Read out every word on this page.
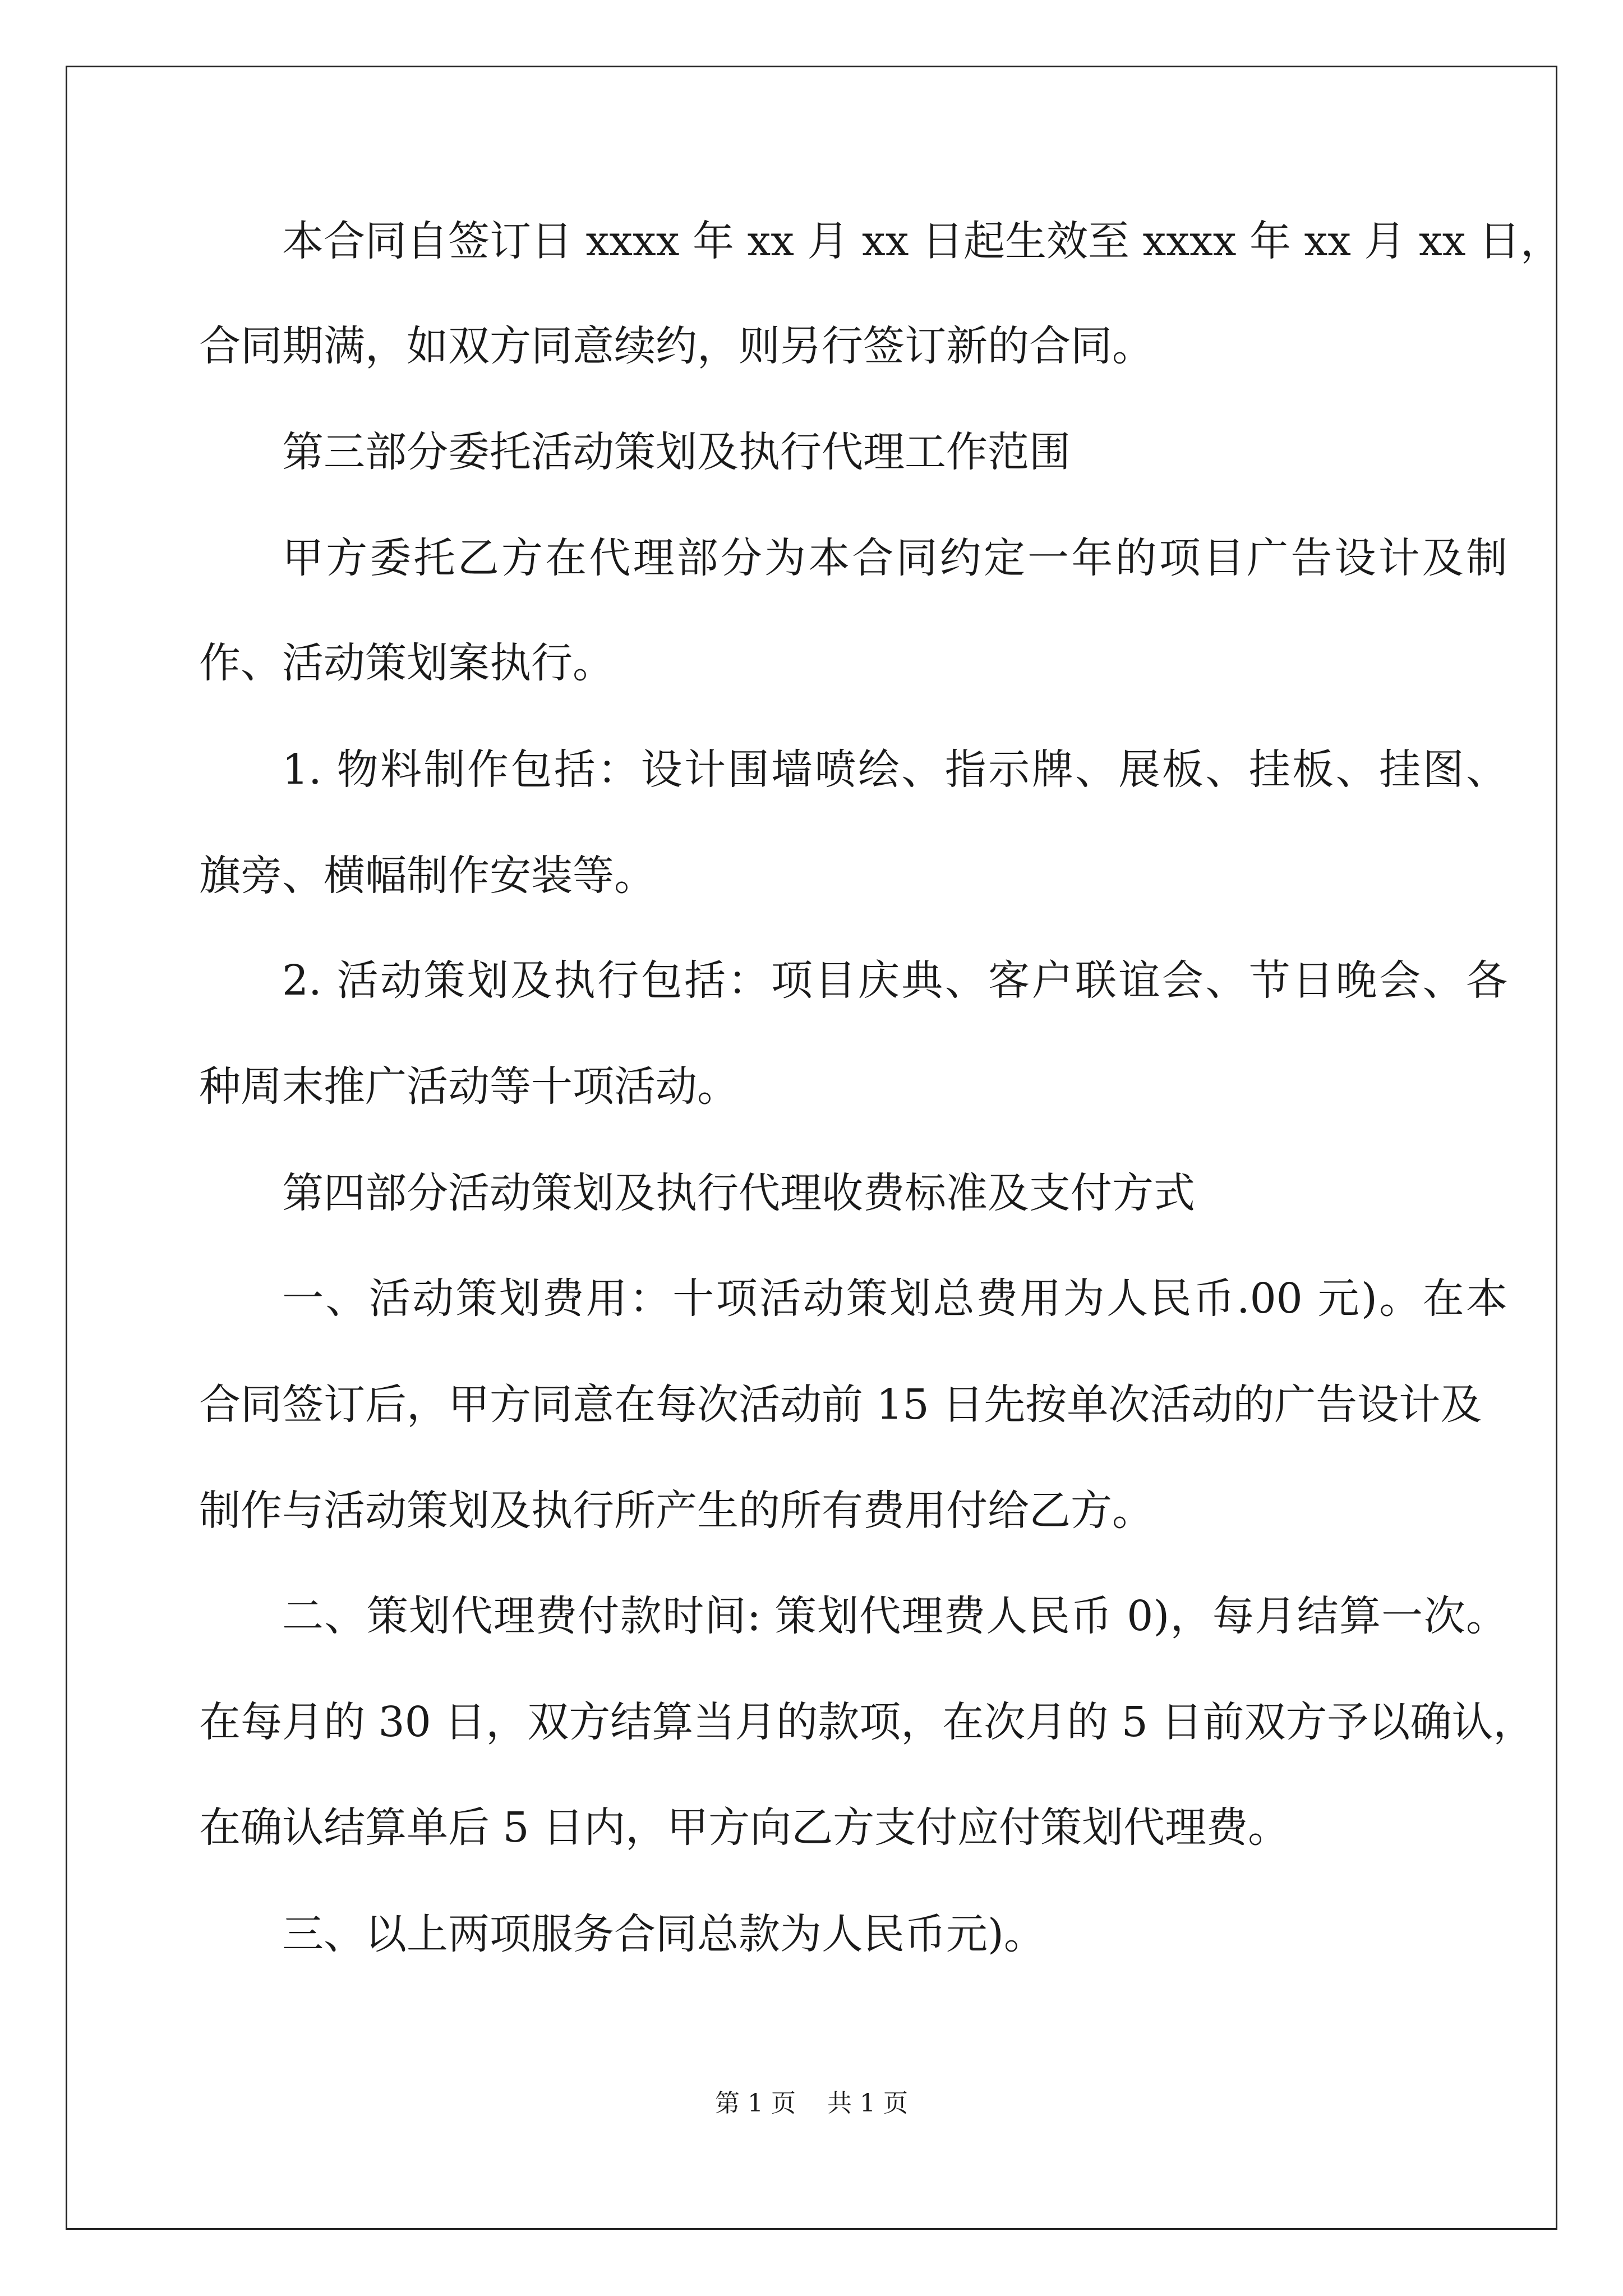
本合同自签订日 xxxx 年 xx 月 xx 日起生效至 xxxx 年 xx 月 xx 日，
合同期满，如双方同意续约，则另行签订新的合同。
第三部分委托活动策划及执行代理工作范围
甲方委托乙方在代理部分为本合同约定一年的项目广告设计及制
作、活动策划案执行。
1. 物料制作包括：设计围墙喷绘、指示牌、展板、挂板、挂图、
旗旁、横幅制作安装等。
2. 活动策划及执行包括：项目庆典、客户联谊会、节日晚会、各
种周末推广活动等十项活动。
第四部分活动策划及执行代理收费标准及支付方式
一、活动策划费用：十项活动策划总费用为人民币.00 元)。在本
合同签订后，甲方同意在每次活动前 15 日先按单次活动的广告设计及
制作与活动策划及执行所产生的所有费用付给乙方。
二、策划代理费付款时间: 策划代理费人民币 0)，每月结算一次。
在每月的 30 日，双方结算当月的款项，在次月的 5 日前双方予以确认，
在确认结算单后 5 日内，甲方向乙方支付应付策划代理费。
三、以上两项服务合同总款为人民币元)。
第 1 页 共 1 页
